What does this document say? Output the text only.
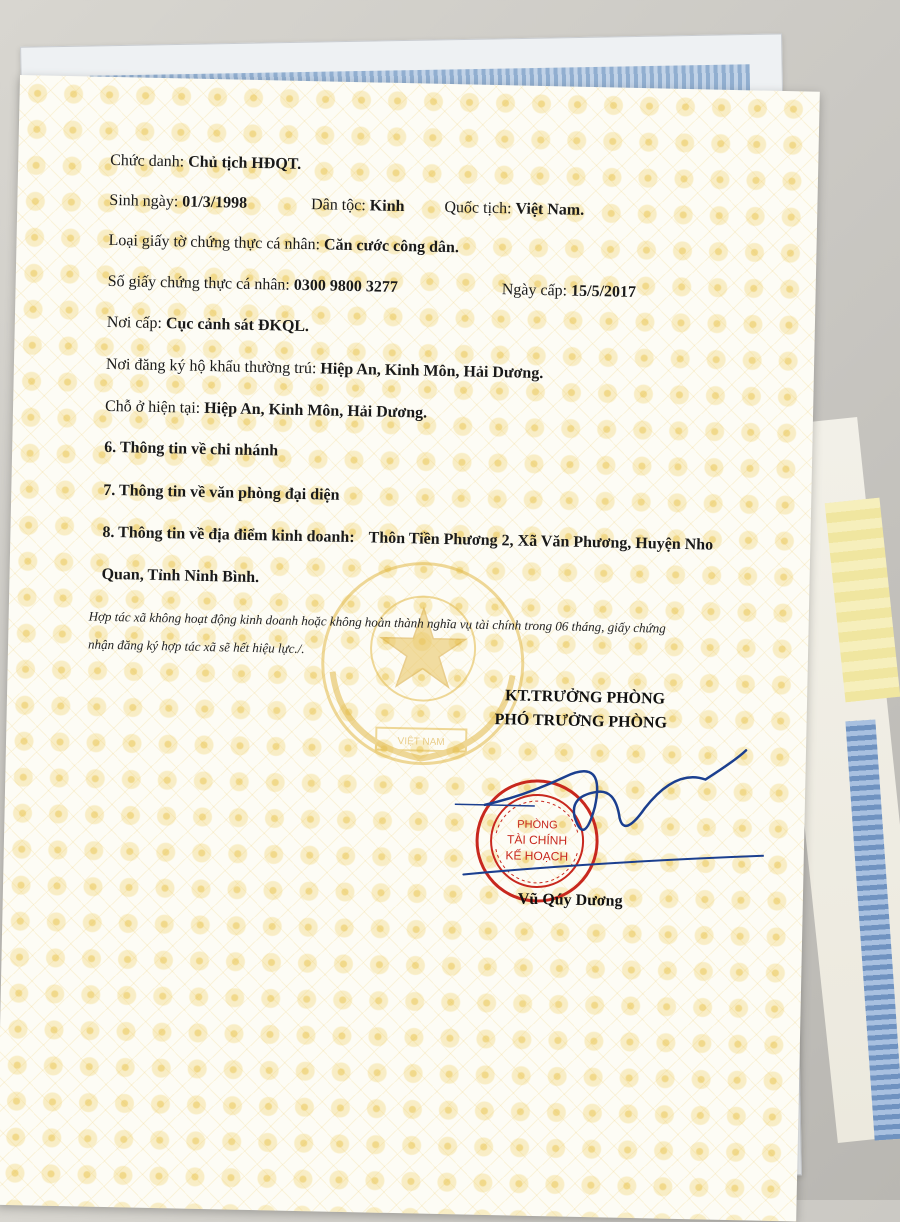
VIỆT NAM
Chức danh: Chủ tịch HĐQT.
Sinh ngày: 01/3/1998	Dân tộc: Kinh Quốc tịch: Việt Nam.
Loại giấy tờ chứng thực cá nhân: Căn cước công dân.
Số giấy chứng thực cá nhân: 0300 9800 3277	Ngày cấp: 15/5/2017
Nơi cấp: Cục cảnh sát ĐKQL.
Nơi đăng ký hộ khẩu thường trú: Hiệp An, Kinh Môn, Hải Dương.
Chỗ ở hiện tại: Hiệp An, Kinh Môn, Hải Dương.
6. Thông tin về chi nhánh
7. Thông tin về văn phòng đại diện
8. Thông tin về địa điểm kinh doanh: Thôn Tiền Phương 2, Xã Văn Phương, Huyện Nho
Quan, Tỉnh Ninh Bình.
Hợp tác xã không hoạt động kinh doanh hoặc không hoàn thành nghĩa vụ tài chính trong 06 tháng, giấy chứng
nhận đăng ký hợp tác xã sẽ hết hiệu lực./.
KT.TRƯỞNG PHÒNG
PHÓ TRƯỞNG PHÒNG
PHÒNG
TÀI CHÍNH
KẾ HOẠCH
Vũ Qúy Dương
